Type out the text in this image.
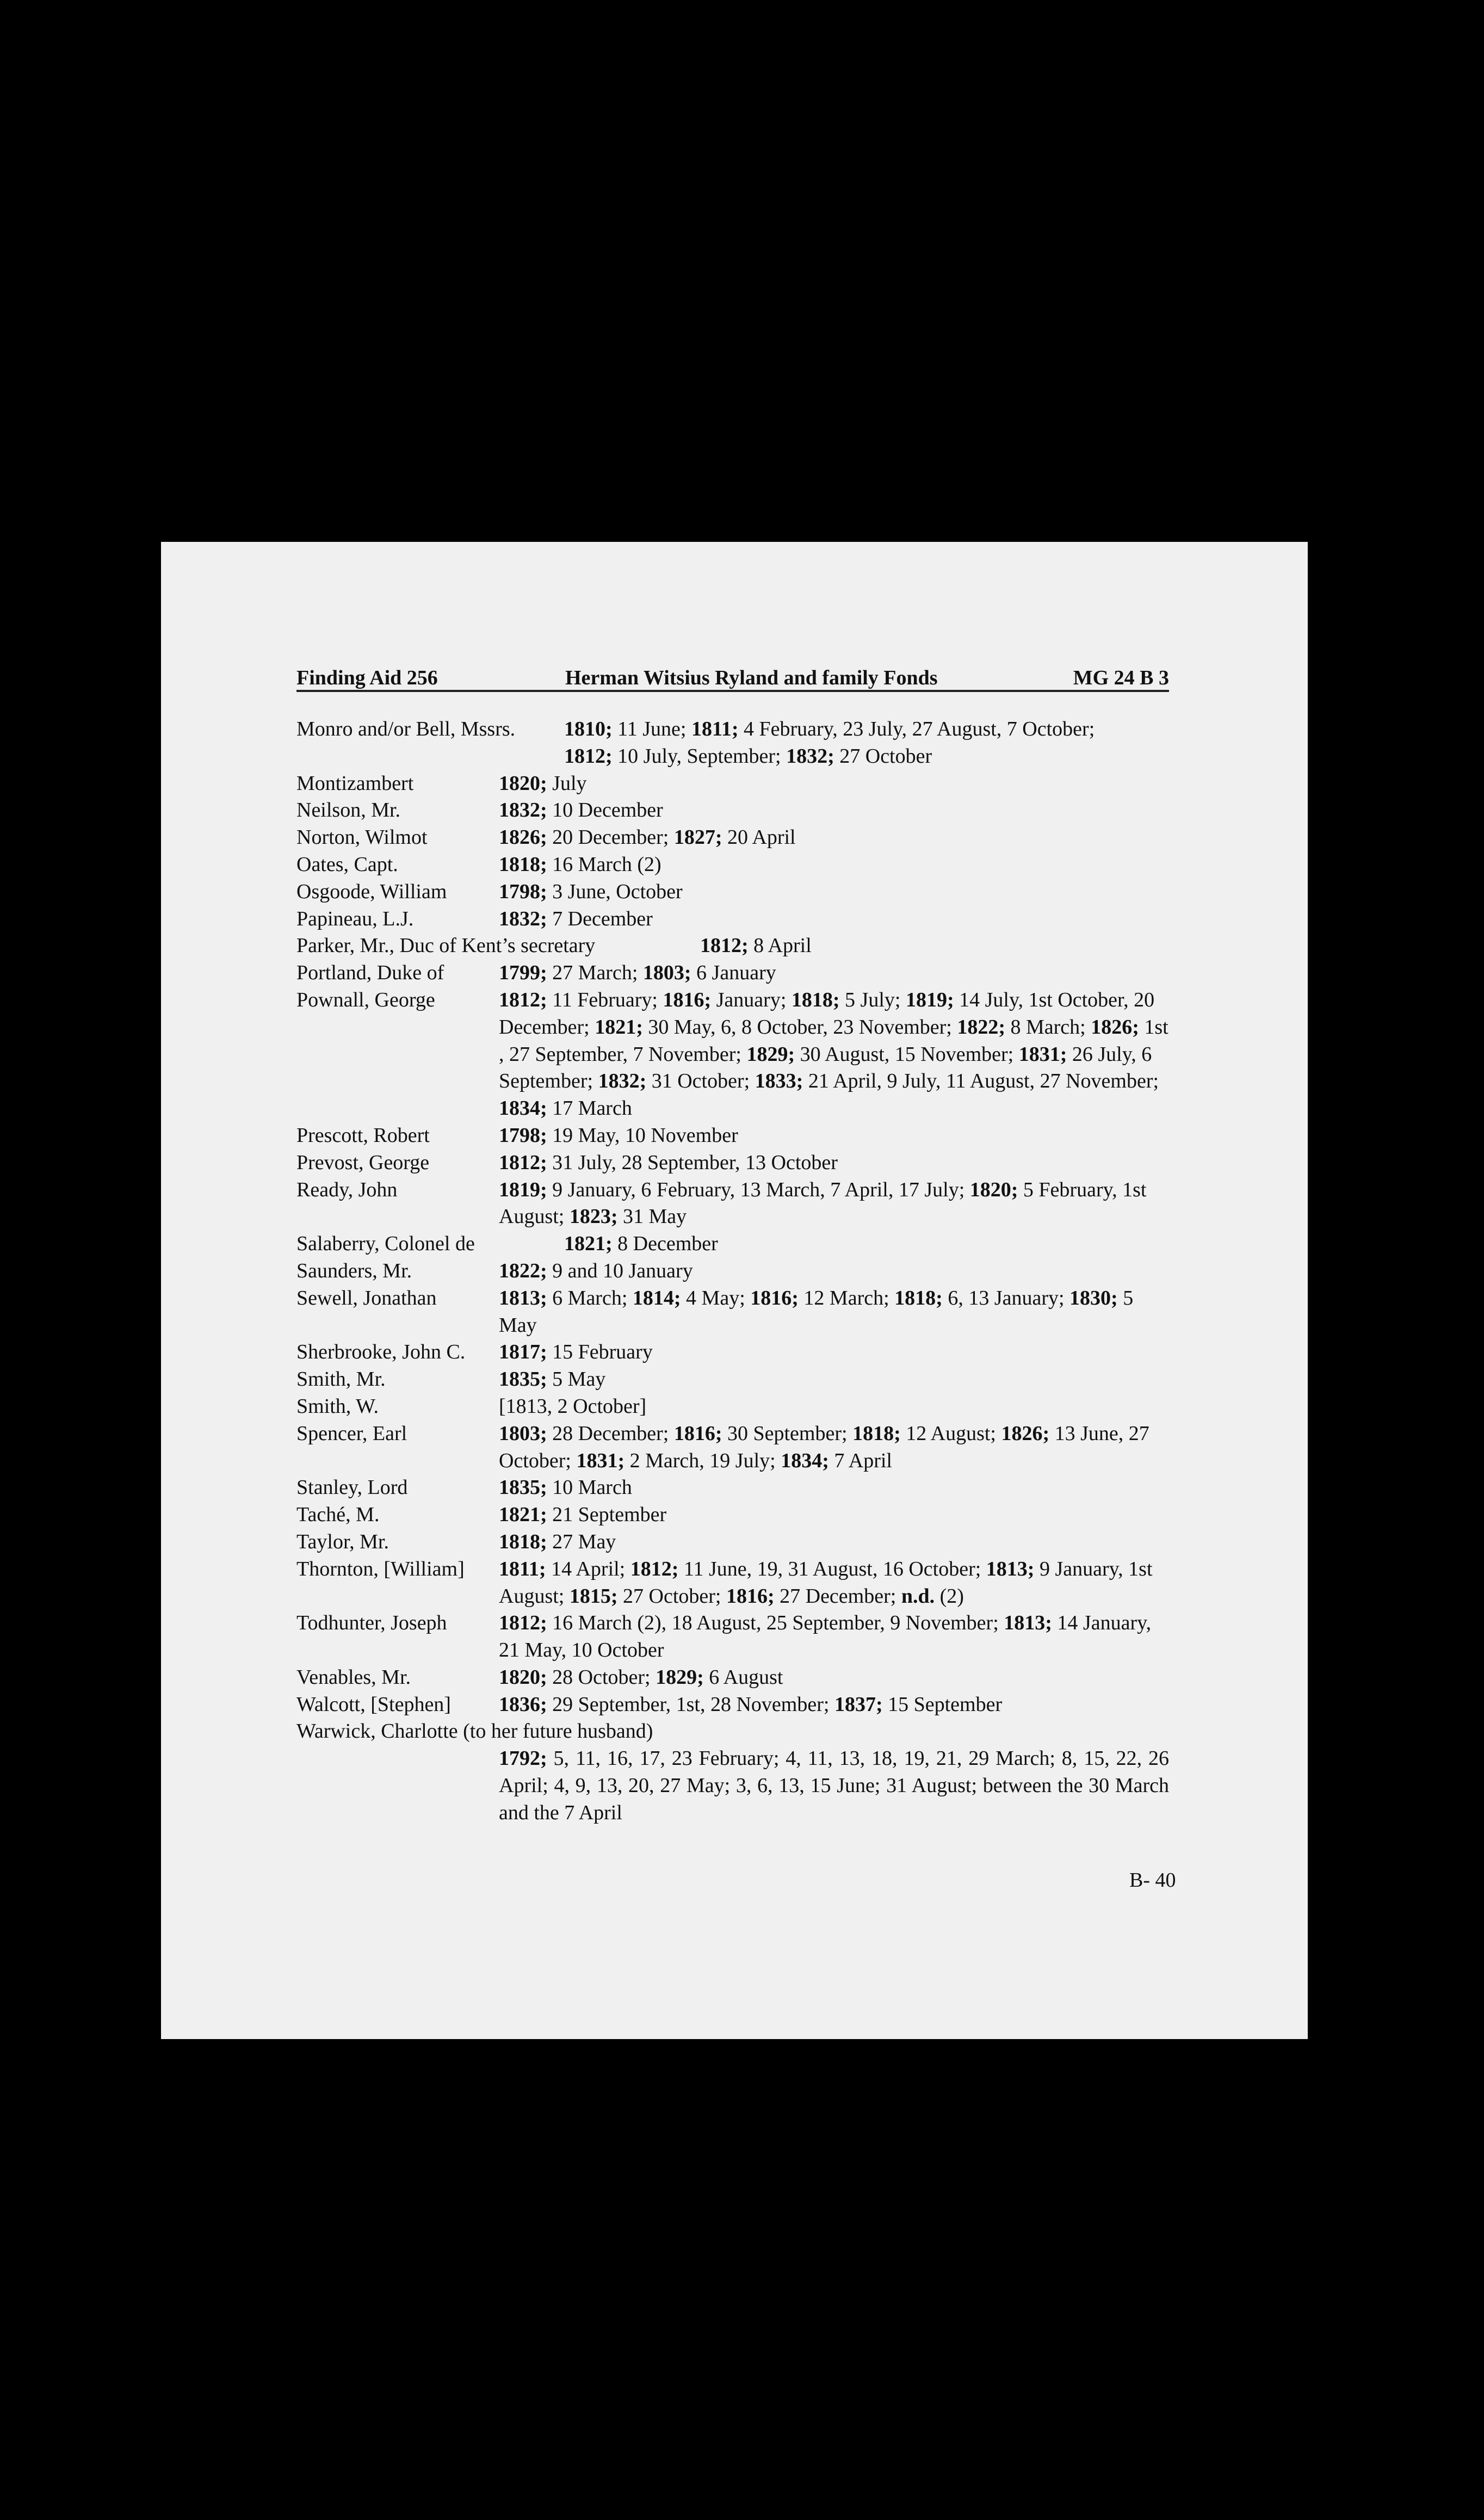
Finding Aid 256	Herman Witsius Ryland and family Fonds	MG 24 B 3
Monro and/or Bell, Mssrs.	1810; 11 June; 1811; 4 February, 23 July, 27 August, 7 October;
1812; 10 July, September; 1832; 27 October
Montizambert	1820; July
Neilson, Mr.	1832; 10 December
Norton, Wilmot	1826; 20 December; 1827; 20 April
Oates, Capt.	1818; 16 March (2)
Osgoode, William	1798; 3 June, October
Papineau, L.J.	1832; 7 December
Parker, Mr., Duc of Kent’s secretary	1812; 8 April
Portland, Duke of	1799; 27 March; 1803; 6 January
Pownall, George	1812; 11 February; 1816; January; 1818; 5 July; 1819; 14 July, 1st October, 20 December; 1821; 30 May, 6, 8 October, 23 November; 1822; 8 March; 1826; 1st , 27 September, 7 November; 1829; 30 August, 15 November; 1831; 26 July, 6 September; 1832; 31 October; 1833; 21 April, 9 July, 11 August, 27 November; 1834; 17 March
Prescott, Robert	1798; 19 May, 10 November
Prevost, George	1812; 31 July, 28 September, 13 October
Ready, John	1819; 9 January, 6 February, 13 March, 7 April, 17 July; 1820; 5 February, 1st August; 1823; 31 May
Salaberry, Colonel de	1821; 8 December
Saunders, Mr.	1822; 9 and 10 January
Sewell, Jonathan	1813; 6 March; 1814; 4 May; 1816; 12 March; 1818; 6, 13 January; 1830; 5 May
Sherbrooke, John C.	1817; 15 February
Smith, Mr.	1835; 5 May
Smith, W.	[1813, 2 October]
Spencer, Earl	1803; 28 December; 1816; 30 September; 1818; 12 August; 1826; 13 June, 27 October; 1831; 2 March, 19 July; 1834; 7 April
Stanley, Lord	1835; 10 March
Taché, M.	1821; 21 September
Taylor, Mr.	1818; 27 May
Thornton, [William]	1811; 14 April; 1812; 11 June, 19, 31 August, 16 October; 1813; 9 January, 1st August; 1815; 27 October; 1816; 27 December; n.d. (2)
Todhunter, Joseph	1812; 16 March (2), 18 August, 25 September, 9 November; 1813; 14 January, 21 May, 10 October
Venables, Mr.	1820; 28 October; 1829; 6 August
Walcott, [Stephen]	1836; 29 September, 1st, 28 November; 1837; 15 September
Warwick, Charlotte (to her future husband)
1792; 5, 11, 16, 17, 23 February; 4, 11, 13, 18, 19, 21, 29 March; 8, 15, 22, 26 April; 4, 9, 13, 20, 27 May; 3, 6, 13, 15 June; 31 August; between the 30 March and the 7 April
B- 40
